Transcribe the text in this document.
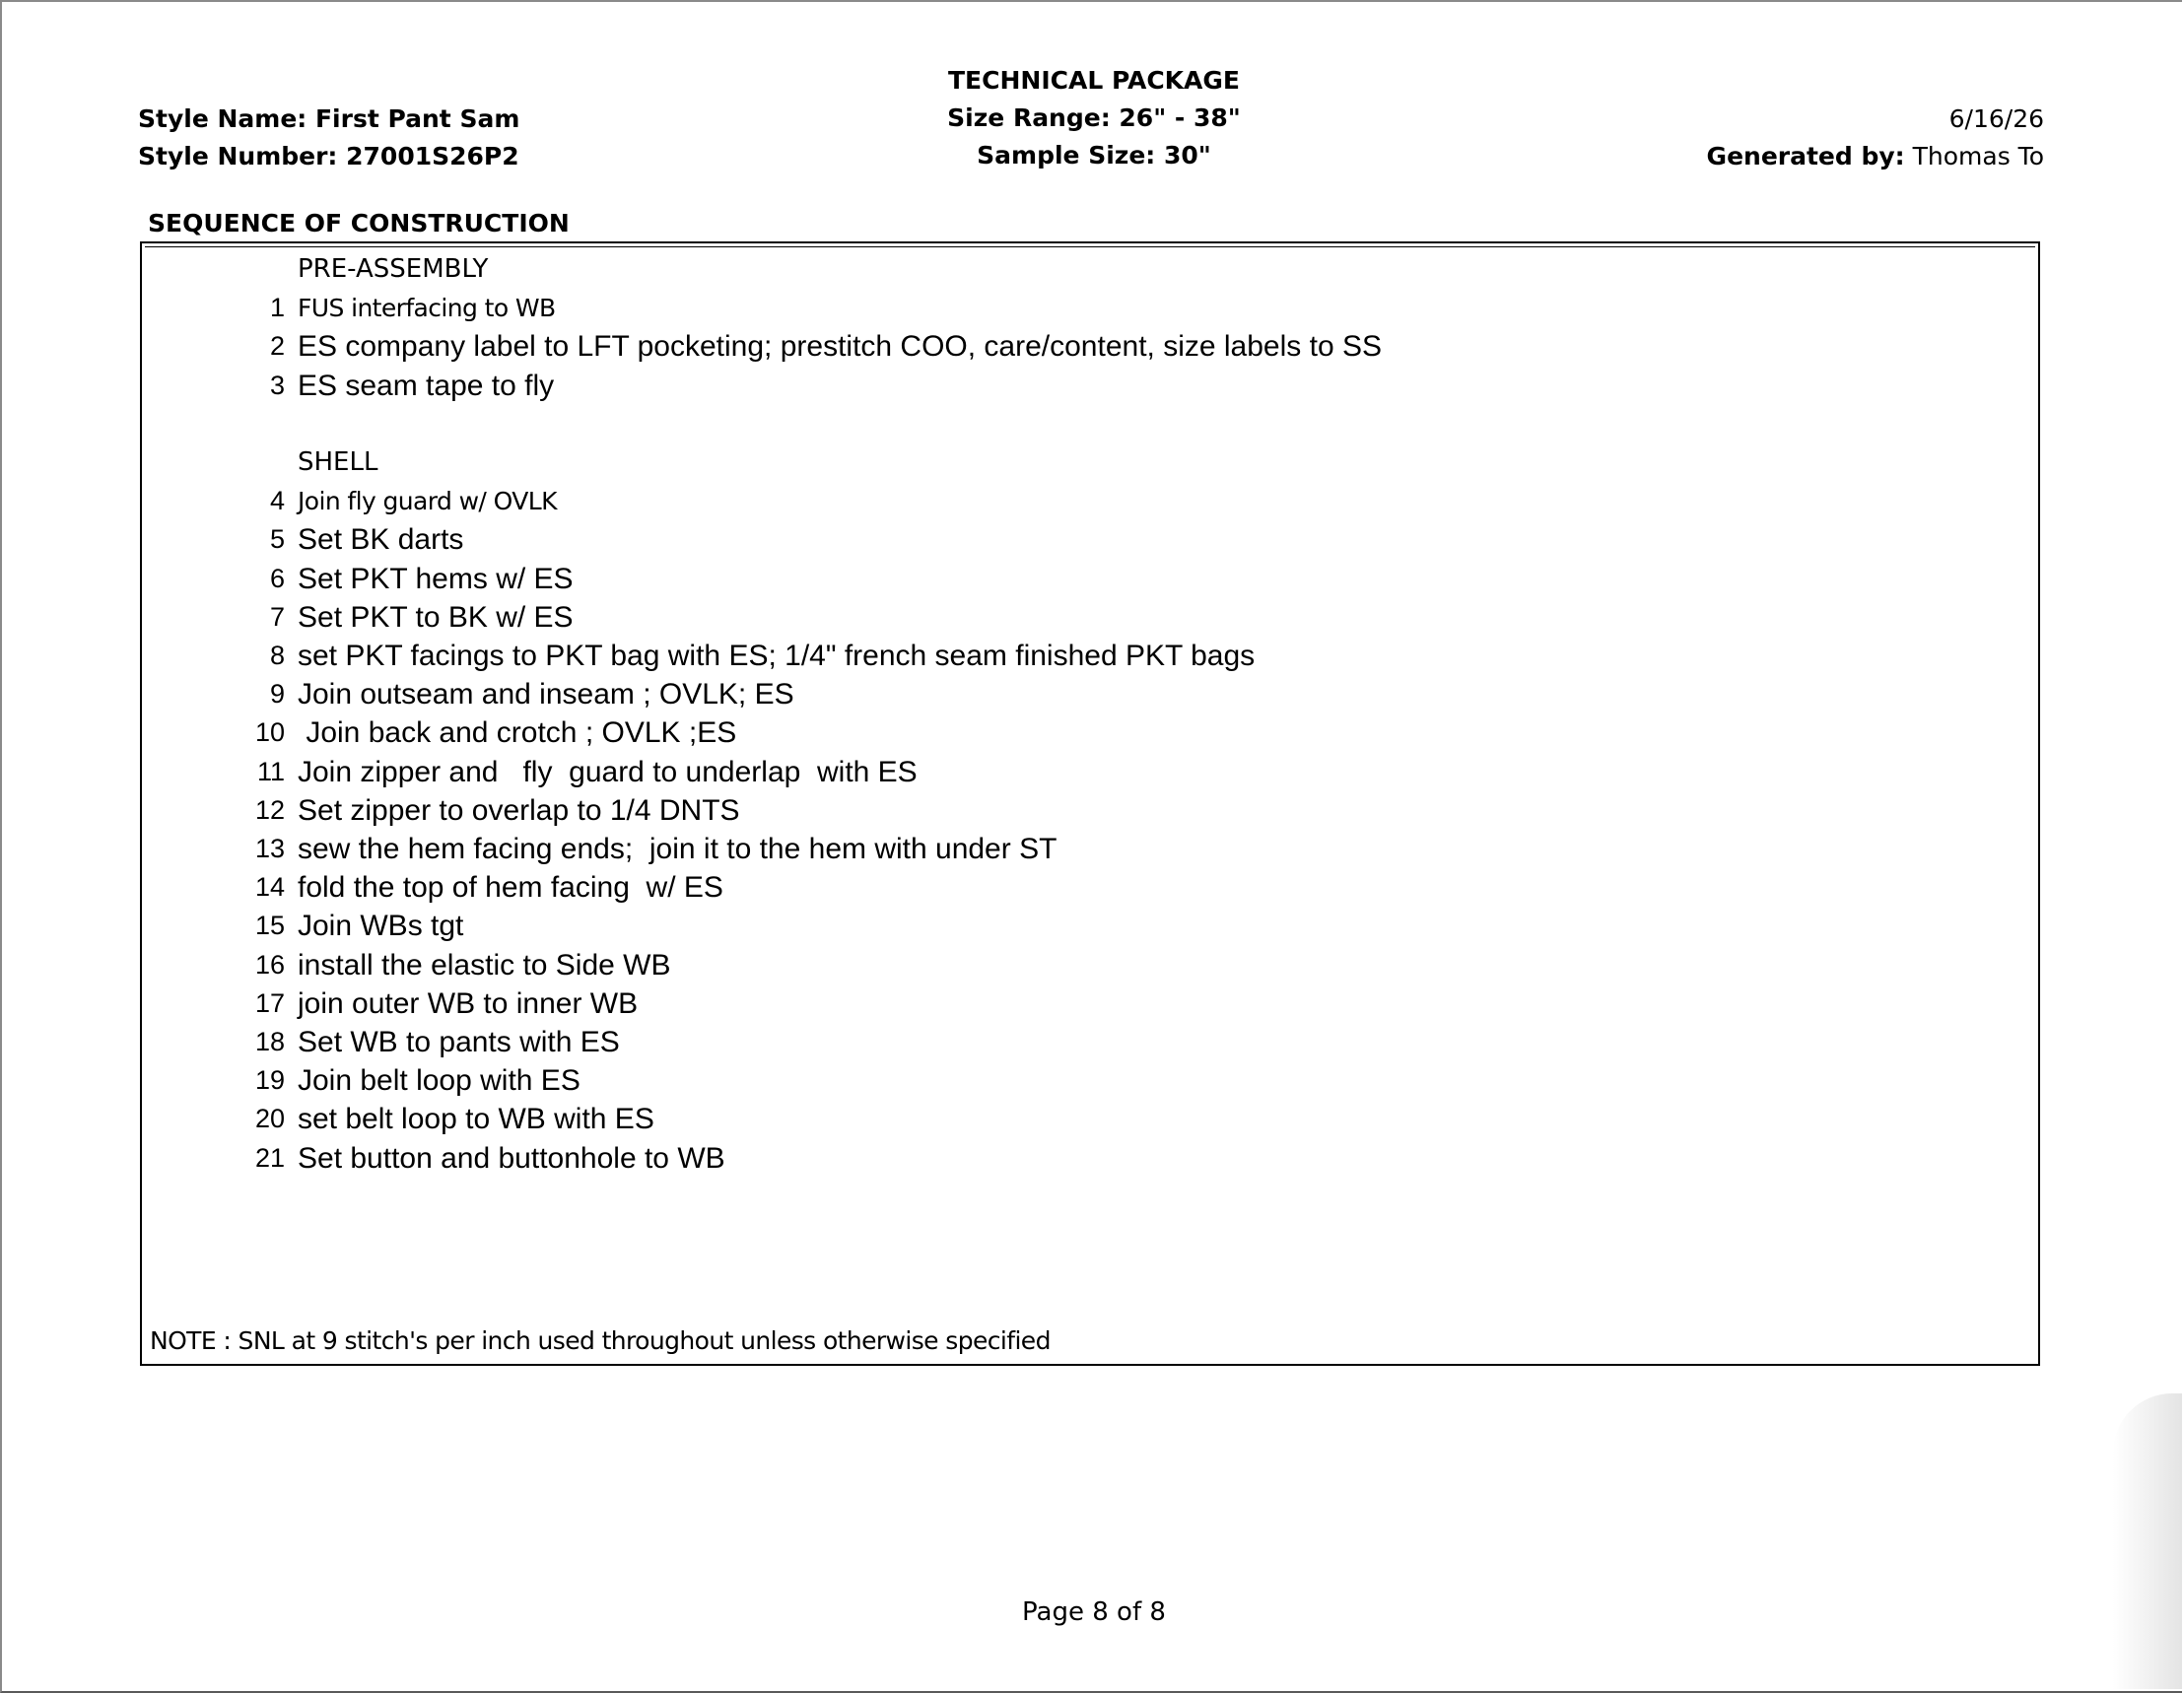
Style Name: First Pant Sam
Style Number: 27001S26P2
TECHNICAL PACKAGE
Size Range: 26" - 38"
Sample Size: 30"
6/16/26
Generated by: Thomas To
SEQUENCE OF CONSTRUCTION
NOTE : SNL at 9 stitch's per inch used throughout unless otherwise specified
PRE-ASSEMBLY
1 FUS interfacing to WB
2 ES company label to LFT pocketing; prestitch COO, care/content, size labels to SS
3 ES seam tape to fly
SHELL
4 Join fly guard w/ OVLK
5 Set BK darts
6 Set PKT hems w/ ES
7 Set PKT to BK w/ ES
8 set PKT facings to PKT bag with ES; 1/4" french seam finished PKT bags
9 Join outseam and inseam ; OVLK; ES
10 Join back and crotch ; OVLK ;ES
11 Join zipper and   fly  guard to underlap  with ES
12 Set zipper to overlap to 1/4 DNTS
13 sew the hem facing ends;  join it to the hem with under ST
14 fold the top of hem facing  w/ ES
15 Join WBs tgt
16 install the elastic to Side WB
17 join outer WB to inner WB
18 Set WB to pants with ES
19 Join belt loop with ES
20 set belt loop to WB with ES
21 Set button and buttonhole to WB
Page 8 of 8
